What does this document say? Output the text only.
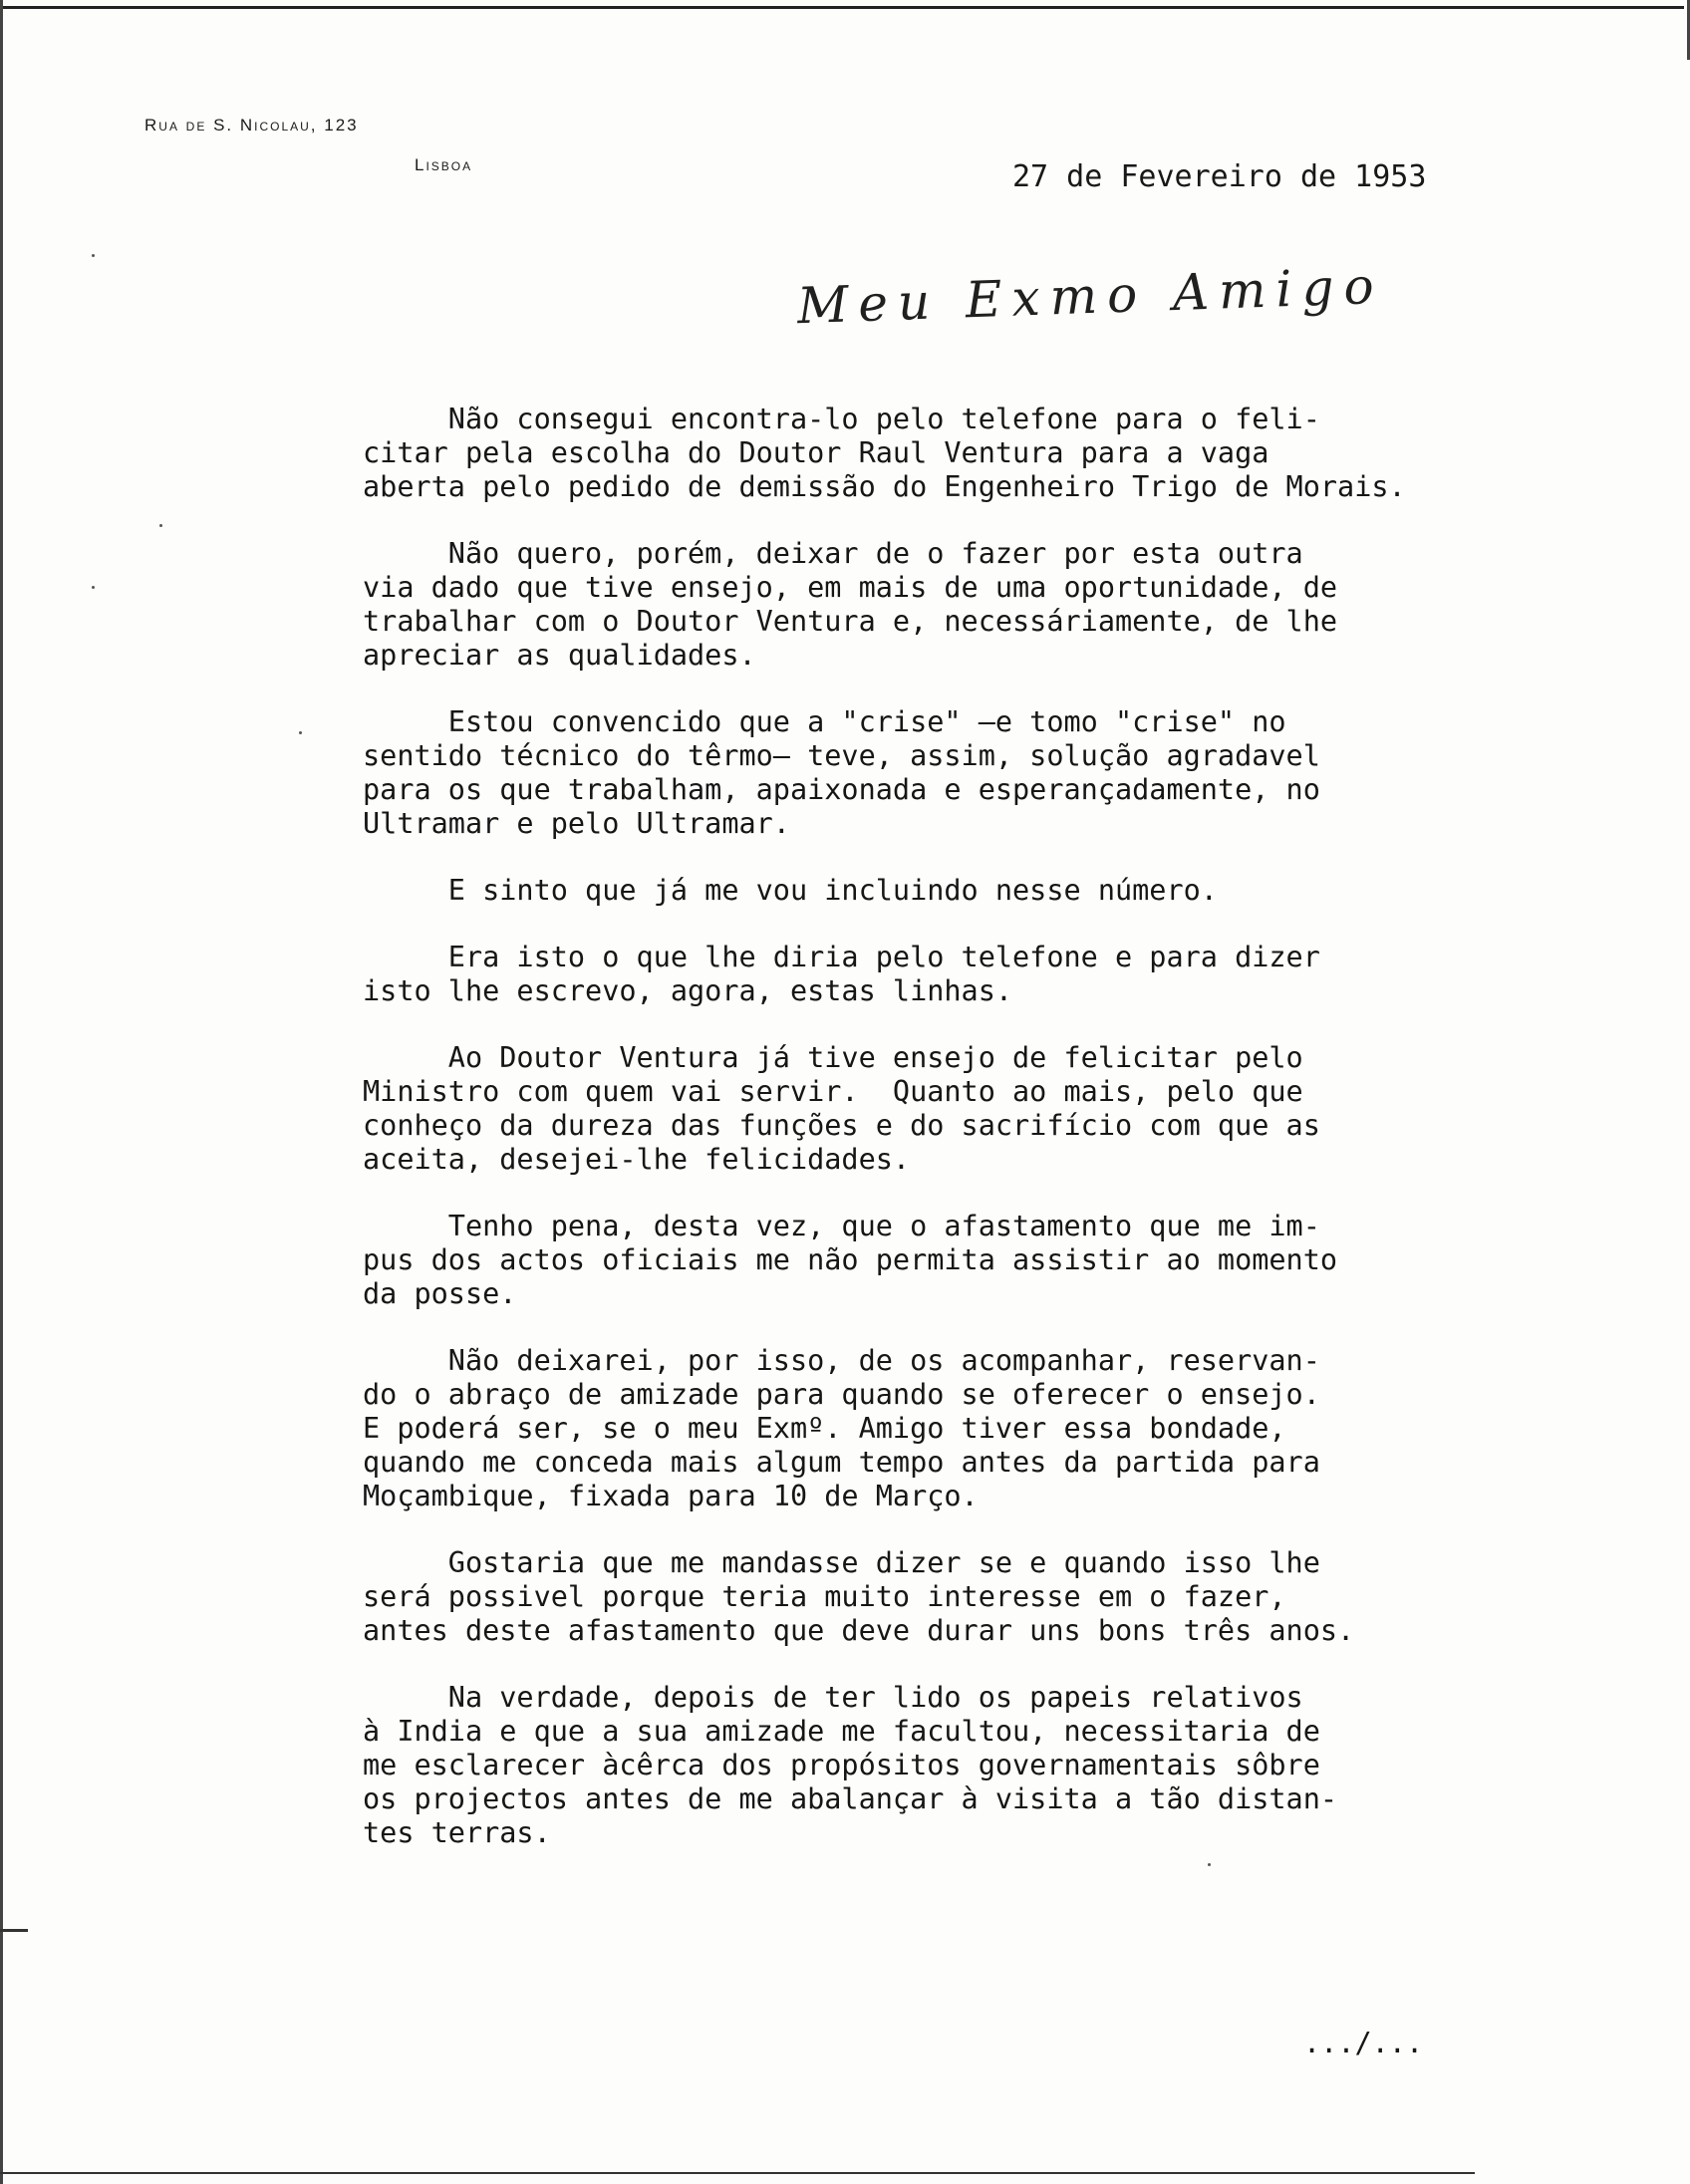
Rua de S. Nicolau, 123
Lisboa	27 de Fevereiro de 1953
Meu Exmo Amigo

Não consegui encontra-lo pelo telefone para o feli-
citar pela escolha do Doutor Raul Ventura para a vaga
aberta pelo pedido de demissão do Engenheiro Trigo de Morais.

Não quero, porém, deixar de o fazer por esta outra
via dado que tive ensejo, em mais de uma oportunidade, de
trabalhar com o Doutor Ventura e, necessáriamente, de lhe
apreciar as qualidades.

Estou convencido que a "crise" —e tomo "crise" no
sentido técnico do têrmo— teve, assim, solução agradavel
para os que trabalham, apaixonada e esperançadamente, no
Ultramar e pelo Ultramar.

E sinto que já me vou incluindo nesse número.

Era isto o que lhe diria pelo telefone e para dizer
isto lhe escrevo, agora, estas linhas.

Ao Doutor Ventura já tive ensejo de felicitar pelo
Ministro com quem vai servir.  Quanto ao mais, pelo que
conheço da dureza das funções e do sacrifício com que as
aceita, desejei-lhe felicidades.

Tenho pena, desta vez, que o afastamento que me im-
pus dos actos oficiais me não permita assistir ao momento
da posse.

Não deixarei, por isso, de os acompanhar, reservan-
do o abraço de amizade para quando se oferecer o ensejo.
E poderá ser, se o meu Exmº. Amigo tiver essa bondade,
quando me conceda mais algum tempo antes da partida para
Moçambique, fixada para 10 de Março.

Gostaria que me mandasse dizer se e quando isso lhe
será possivel porque teria muito interesse em o fazer,
antes deste afastamento que deve durar uns bons três anos.

Na verdade, depois de ter lido os papeis relativos
à India e que a sua amizade me facultou, necessitaria de
me esclarecer àcêrca dos propósitos governamentais sôbre
os projectos antes de me abalançar à visita a tão distan-
tes terras.

.../...
